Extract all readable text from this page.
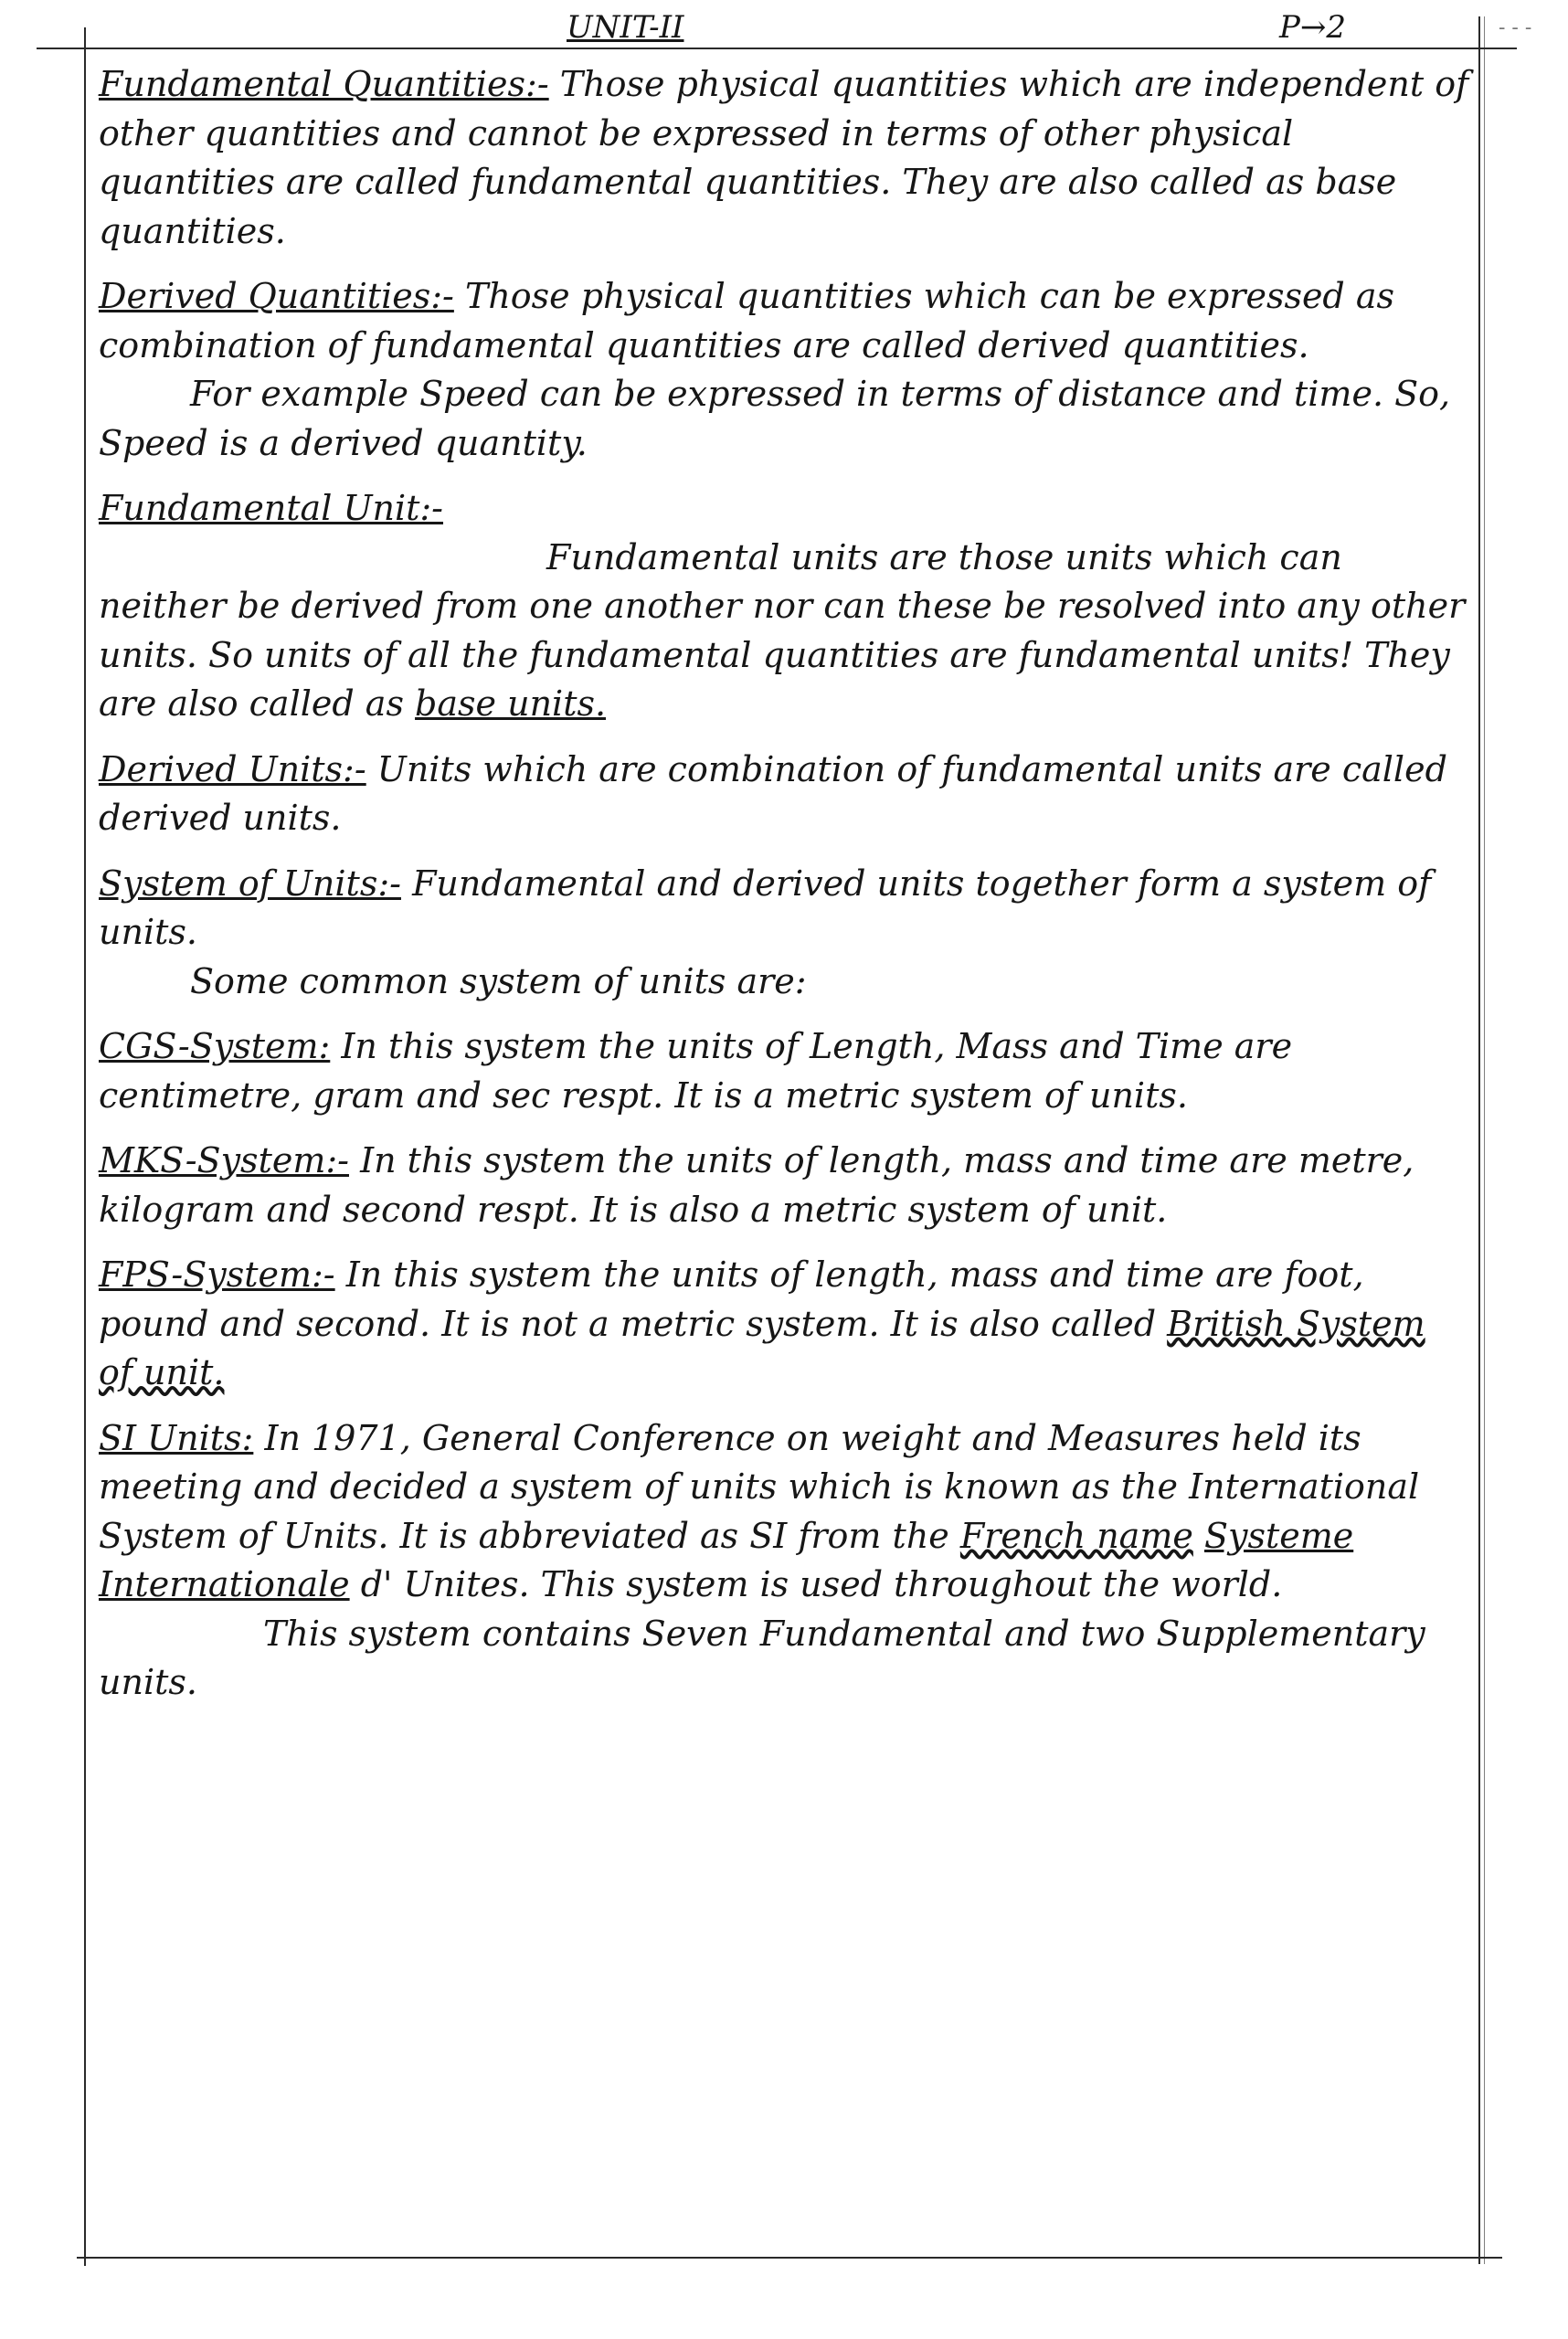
- - -
UNIT-II	P→2

Fundamental Quantities:- Those physical quantities which are independent of other quantities and cannot be expressed in terms of other physical quantities are called fundamental quantities. They are also called as base quantities.

Derived Quantities:- Those physical quantities which can be expressed as combination of fundamental quantities are called derived quantities.
For example Speed can be expressed in terms of distance and time. So, Speed is a derived quantity.

Fundamental Unit:-
Fundamental units are those units which can neither be derived from one another nor can these be resolved into any other units. So units of all the fundamental quantities are fundamental units! They are also called as base units.

Derived Units:- Units which are combination of fundamental units are called derived units.

System of Units:- Fundamental and derived units together form a system of units.
Some common system of units are:

CGS-System: In this system the units of Length, Mass and Time are centimetre, gram and sec respt. It is a metric system of units.

MKS-System:- In this system the units of length, mass and time are metre, kilogram and second respt. It is also a metric system of unit.

FPS-System:- In this system the units of length, mass and time are foot, pound and second. It is not a metric system. It is also called British System of unit.

SI Units: In 1971, General Conference on weight and Measures held its meeting and decided a system of units which is known as the International System of Units. It is abbreviated as SI from the French name Systeme Internationale d' Unites. This system is used throughout the world.
This system contains Seven Fundamental and two Supplementary units.
